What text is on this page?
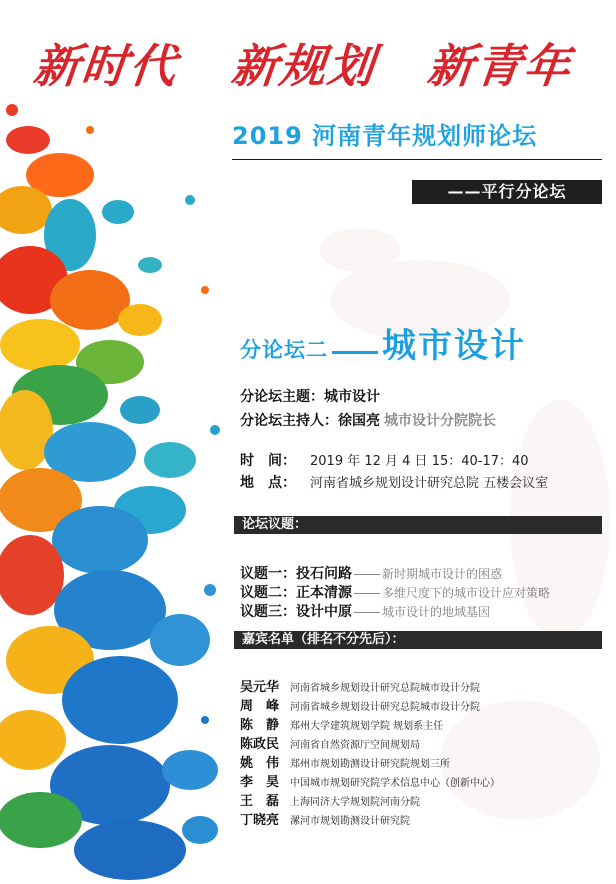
新时代 新规划 新青年
2019 河南青年规划师论坛
——平行分论坛
分论坛二 城市设计
分论坛主题：城市设计
分论坛主持人：徐国亮 城市设计分院院长
时　间： 2019 年 12 月 4 日 15：40-17：40
地　点： 河南省城乡规划设计研究总院 五楼会议室
论坛议题：
议题一：投石问路	新时期城市设计的困惑
议题二：正本清源	多维尺度下的城市设计应对策略
议题三：设计中原	城市设计的地域基因
嘉宾名单（排名不分先后）：
吴元华 河南省城乡规划设计研究总院城市设计分院
周　峰 河南省城乡规划设计研究总院城市设计分院
陈　静 郑州大学建筑规划学院 规划系主任
陈政民 河南省自然资源厅空间规划局
姚　伟 郑州市规划勘测设计研究院规划三所
李　昊 中国城市规划研究院学术信息中心（创新中心）
王　磊 上海同济大学规划院河南分院
丁晓亮 漯河市规划勘测设计研究院
